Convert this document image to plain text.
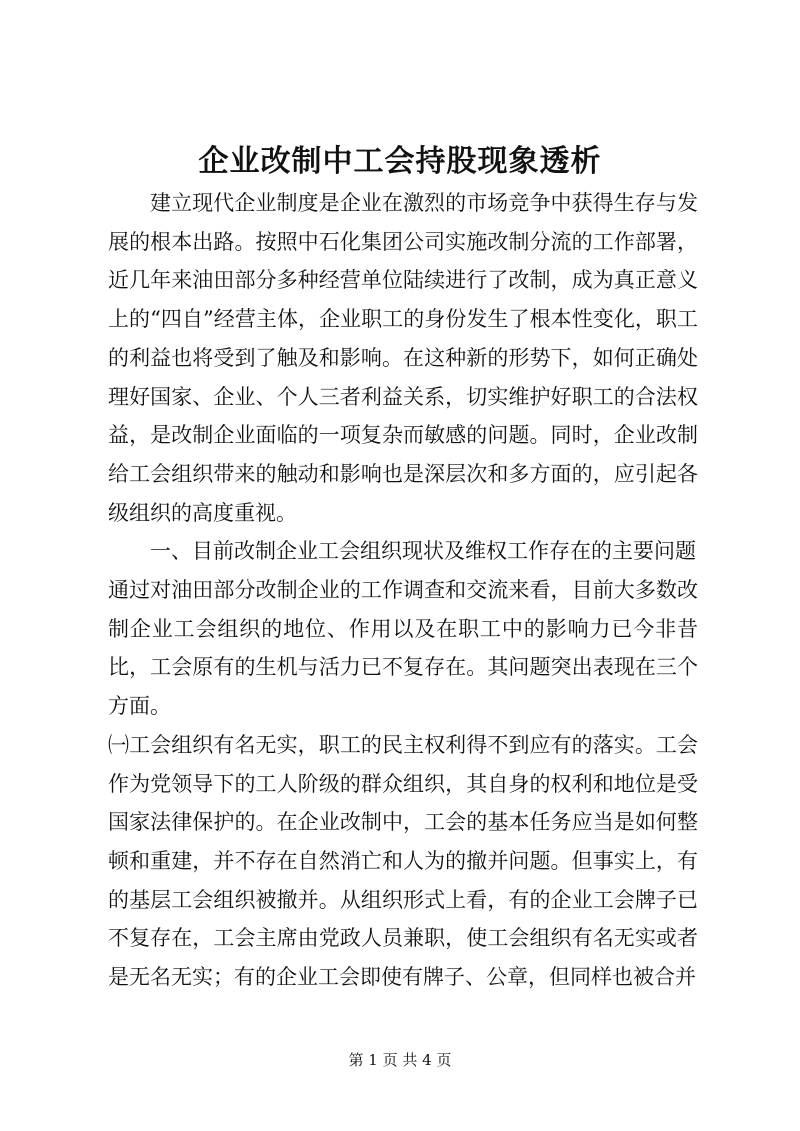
企业改制中工会持股现象透析

建立现代企业制度是企业在激烈的市场竞争中获得生存与发展的根本出路。按照中石化集团公司实施改制分流的工作部署，近几年来油田部分多种经营单位陆续进行了改制，成为真正意义上的“四自”经营主体，企业职工的身份发生了根本性变化，职工的利益也将受到了触及和影响。在这种新的形势下，如何正确处理好国家、企业、个人三者利益关系，切实维护好职工的合法权益，是改制企业面临的一项复杂而敏感的问题。同时，企业改制给工会组织带来的触动和影响也是深层次和多方面的，应引起各级组织的高度重视。

一、目前改制企业工会组织现状及维权工作存在的主要问题

通过对油田部分改制企业的工作调查和交流来看，目前大多数改制企业工会组织的地位、作用以及在职工中的影响力已今非昔比，工会原有的生机与活力已不复存在。其问题突出表现在三个方面。

㈠工会组织有名无实，职工的民主权利得不到应有的落实。工会作为党领导下的工人阶级的群众组织，其自身的权利和地位是受国家法律保护的。在企业改制中，工会的基本任务应当是如何整顿和重建，并不存在自然消亡和人为的撤并问题。但事实上，有的基层工会组织被撤并。从组织形式上看，有的企业工会牌子已不复存在，工会主席由党政人员兼职，使工会组织有名无实或者是无名无实；有的企业工会即使有牌子、公章，但同样也被合并

第 1 页 共 4 页
